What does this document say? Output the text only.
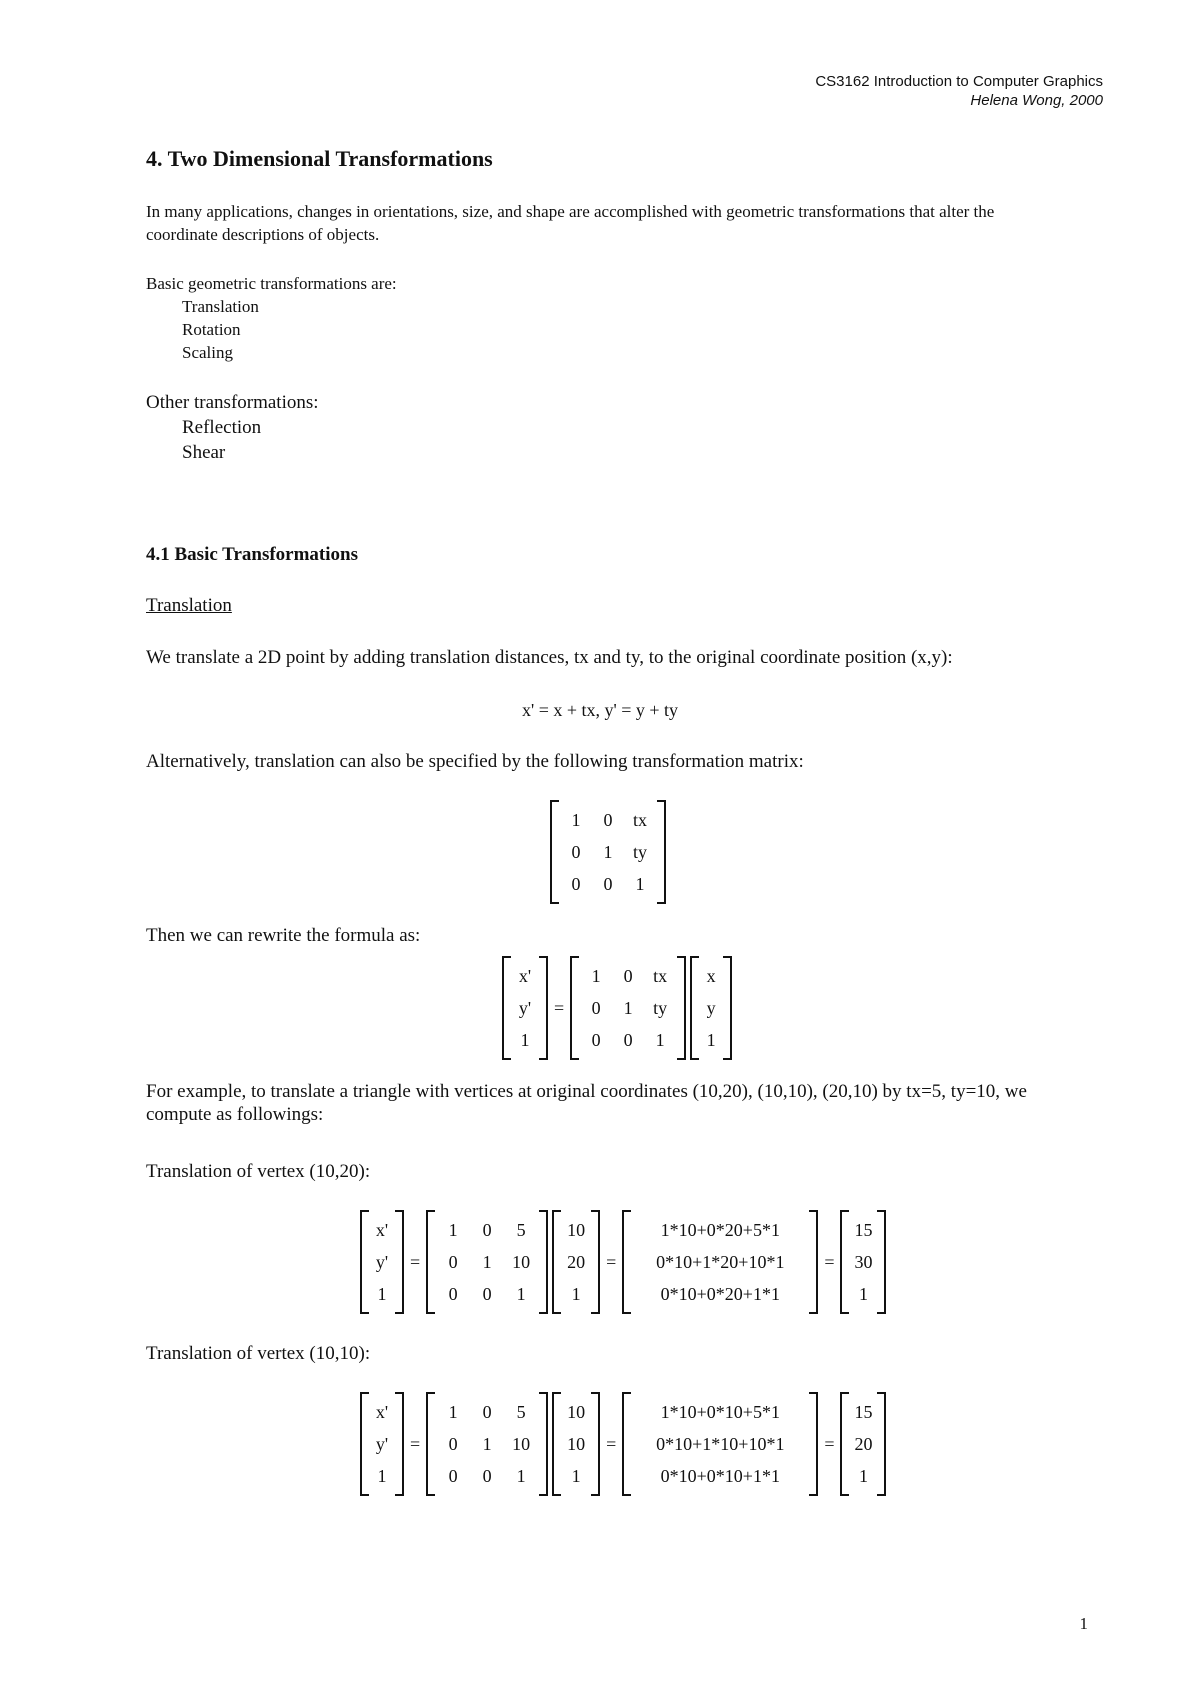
CS3162 Introduction to Computer Graphics
Helena Wong, 2000
4. Two Dimensional Transformations
In many applications, changes in orientations, size, and shape are accomplished with geometric transformations that alter the coordinate descriptions of objects.
Basic geometric transformations are:
Translation
Rotation
Scaling
Other transformations:
Reflection
Shear
4.1 Basic Transformations
Translation
We translate a 2D point by adding translation distances, tx and ty, to the original coordinate position (x,y):
x' = x + tx, y' = y + ty
Alternatively, translation can also be specified by the following transformation matrix:
1	0	tx
0	1	ty
0	0	1
Then we can rewrite the formula as:
x'
y'
1
=
1	0	tx
0	1	ty
0	0	1
x
y
1
For example, to translate a triangle with vertices at original coordinates (10,20), (10,10), (20,10) by tx=5, ty=10, we compute as followings:
Translation of vertex (10,20):
x'
y'
1
=
1	0	5
0	1	10
0	0	1
10
20
1
=
1*10+0*20+5*1
0*10+1*20+10*1
0*10+0*20+1*1
=
15
30
1
Translation of vertex (10,10):
x'
y'
1
=
1	0	5
0	1	10
0	0	1
10
10
1
=
1*10+0*10+5*1
0*10+1*10+10*1
0*10+0*10+1*1
=
15
20
1
1
